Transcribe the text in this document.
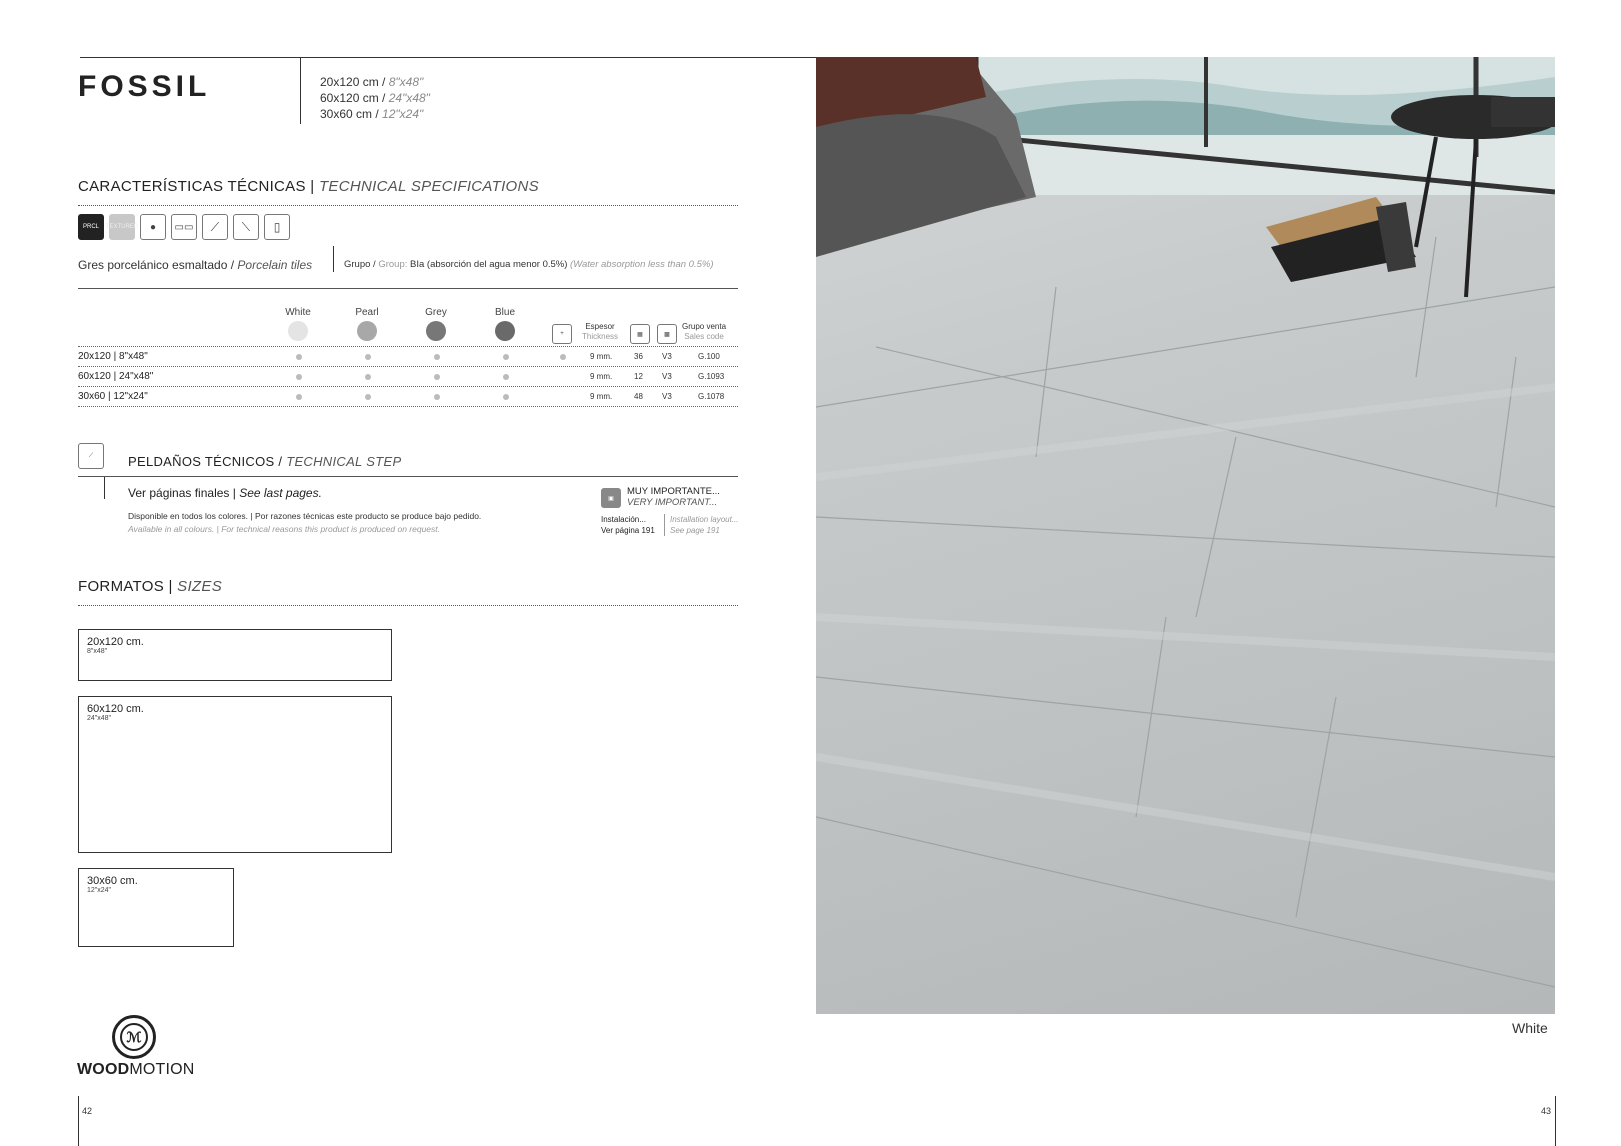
FOSSIL	20x120 cm / 8"x48"
60x120 cm / 24"x48"
30x60 cm / 12"x24"
CARACTERÍSTICAS TÉCNICAS | TECHNICAL SPECIFICATIONS
PRCL	TEXTURED ● ▭▭ ⟋ ⟍ ▯
Gres porcelánico esmaltado / Porcelain tiles	Grupo / Group: BIa (absorción del agua menor 0.5%) (Water absorption less than 0.5%)
White	Pearl	Grey	Blue
+
Espesor
Thickness	▦	▩
Grupo venta
Sales code
20x120 | 8"x48"	9 mm.	36 V3	G.100
60x120 | 24"x48"	9 mm.	12 V3	G.1093
30x60 | 12"x24"	9 mm.	48 V3	G.1078
⟋	PELDAÑOS TÉCNICOS / TECHNICAL STEP
Ver páginas finales | See last pages.
Disponible en todos los colores. | Por razones técnicas este producto se produce bajo pedido.
Available in all colours. | For technical reasons this product is produced on request.
▣
MUY IMPORTANTE...
VERY IMPORTANT...
Instalación...
Ver página 191
Installation layout...
See page 191
FORMATOS | SIZES
20x120 cm.
8"x48"
60x120 cm.
24"x48"
30x60 cm.
12"x24"
ℳ
WOODMOTION
42	43
White
